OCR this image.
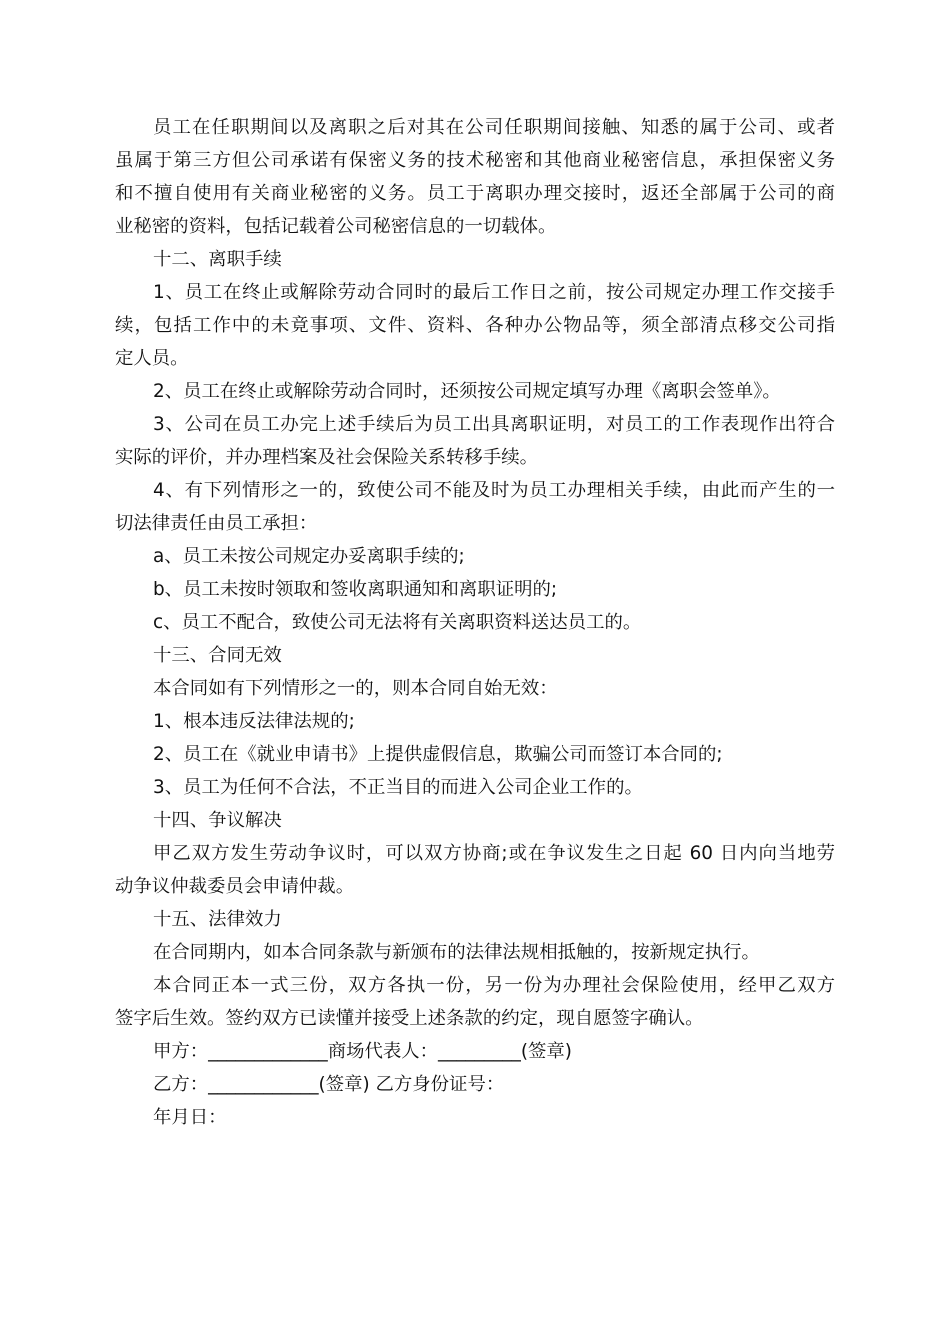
员工在任职期间以及离职之后对其在公司任职期间接触、知悉的属于公司、或者
虽属于第三方但公司承诺有保密义务的技术秘密和其他商业秘密信息，承担保密义务
和不擅自使用有关商业秘密的义务。员工于离职办理交接时，返还全部属于公司的商
业秘密的资料，包括记载着公司秘密信息的一切载体。
十二、离职手续
1、员工在终止或解除劳动合同时的最后工作日之前，按公司规定办理工作交接手
续，包括工作中的未竟事项、文件、资料、各种办公物品等，须全部清点移交公司指
定人员。
2、员工在终止或解除劳动合同时，还须按公司规定填写办理《离职会签单》。
3、公司在员工办完上述手续后为员工出具离职证明，对员工的工作表现作出符合
实际的评价，并办理档案及社会保险关系转移手续。
4、有下列情形之一的，致使公司不能及时为员工办理相关手续，由此而产生的一
切法律责任由员工承担：
a、员工未按公司规定办妥离职手续的;
b、员工未按时领取和签收离职通知和离职证明的;
c、员工不配合，致使公司无法将有关离职资料送达员工的。
十三、合同无效
本合同如有下列情形之一的，则本合同自始无效：
1、根本违反法律法规的;
2、员工在《就业申请书》上提供虚假信息，欺骗公司而签订本合同的;
3、员工为任何不合法，不正当目的而进入公司企业工作的。
十四、争议解决
甲乙双方发生劳动争议时，可以双方协商;或在争议发生之日起 60 日内向当地劳
动争议仲裁委员会申请仲裁。
十五、法律效力
在合同期内，如本合同条款与新颁布的法律法规相抵触的，按新规定执行。
本合同正本一式三份，双方各执一份，另一份为办理社会保险使用，经甲乙双方
签字后生效。签约双方已读懂并接受上述条款的约定，现自愿签字确认。
甲方：_____________商场代表人：_________(签章)
乙方：____________(签章) 乙方身份证号：
年月日：
